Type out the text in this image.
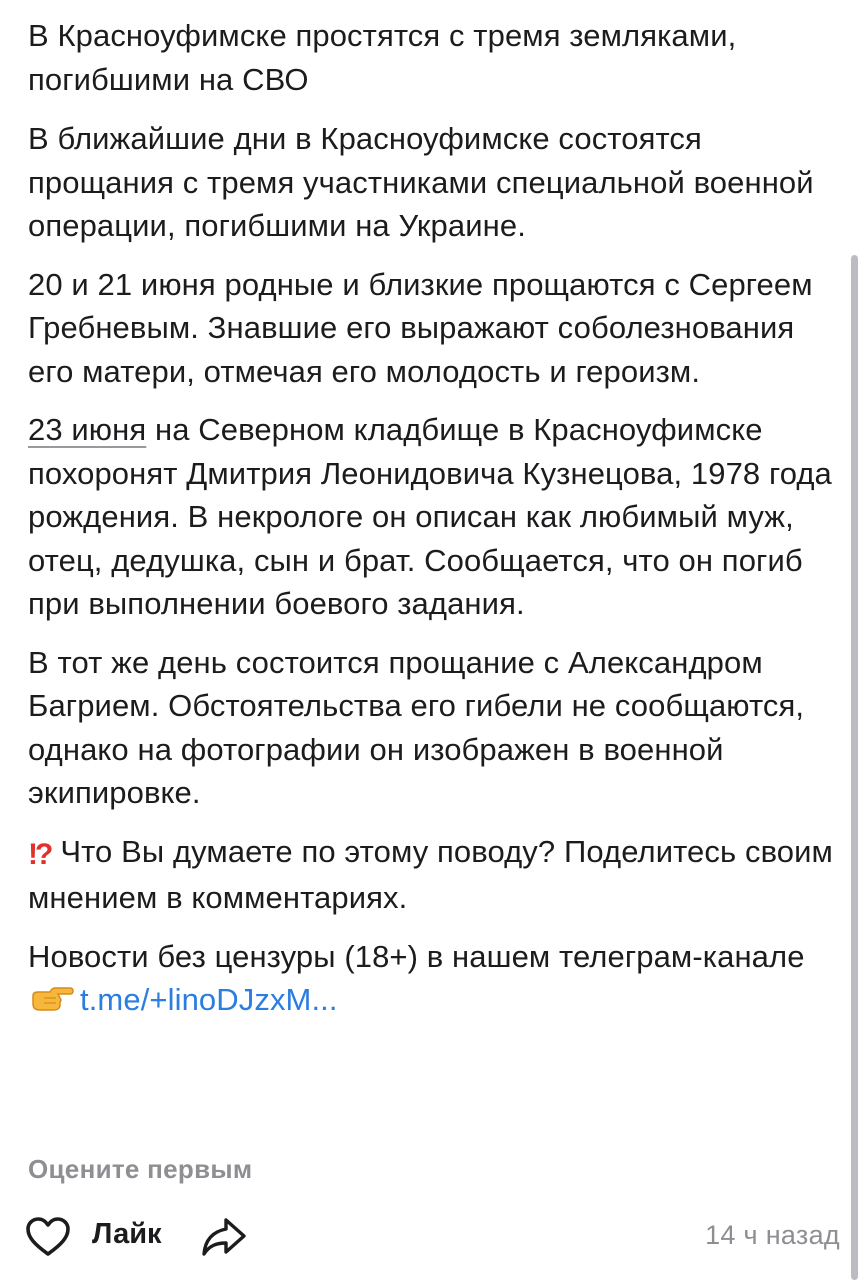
В Красноуфимске простятся с тремя земляками, погибшими на СВО

В ближайшие дни в Красноуфимске состоятся прощания с тремя участниками специальной военной операции, погибшими на Украине.

20 и 21 июня родные и близкие прощаются с Сергеем Гребневым. Знавшие его выражают соболезнования его матери, отмечая его молодость и героизм.

23 июня на Северном кладбище в Красноуфимске похоронят Дмитрия Леонидовича Кузнецова, 1978 года рождения. В некрологе он описан как любимый муж, отец, дедушка, сын и брат. Сообщается, что он погиб при выполнении боевого задания.

В тот же день состоится прощание с Александром Багрием. Обстоятельства его гибели не сообщаются, однако на фотографии он изображен в военной экипировке.

!? Что Вы думаете по этому поводу? Поделитесь своим мнением в комментариях.

Новости без цензуры (18+) в нашем телеграм-каналеt.me/+linoDJzxM...

Оцените первым
Лайк	14 ч назад
